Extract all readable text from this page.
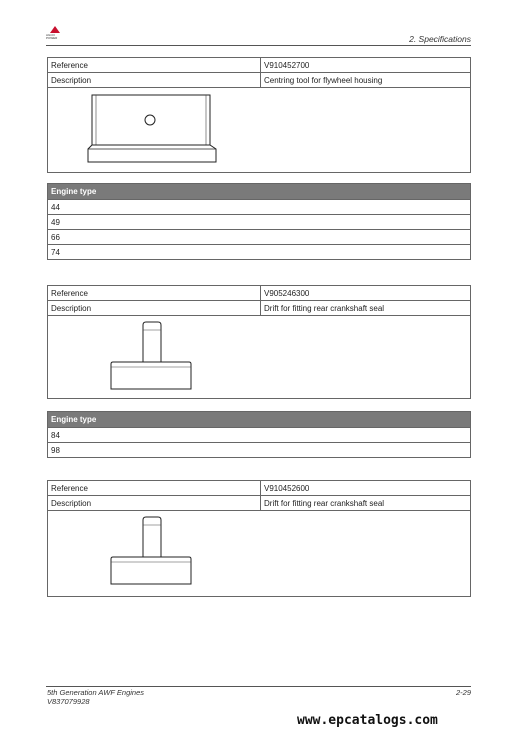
AGCO POWER	2. Specifications
Reference	V910452700
Description	Centring tool for flywheel housing

Engine type
44
49
66
74
Reference	V905246300
Description	Drift for fitting rear crankshaft seal

Engine type
84
98
Reference	V910452600
Description	Drift for fitting rear crankshaft seal

5th Generation AWF Engines
V837079928
2-29
www.epcatalogs.com
